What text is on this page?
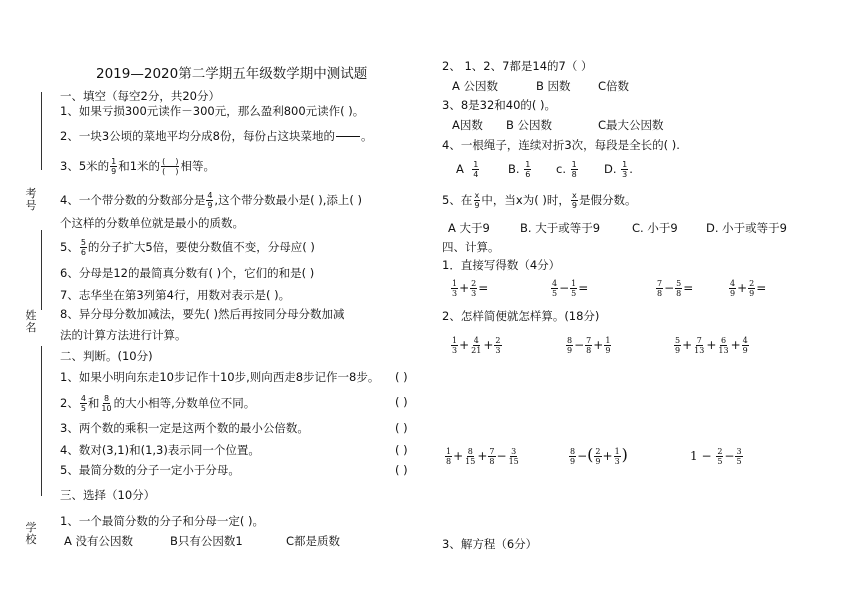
2019—2020第二学期五年级数学期中测试题
考号
姓名
学校
一、填空（每空2分，共20分）
1、如果亏损300元读作－300元，那么盈利800元读作( )。
2、一块3公顷的菜地平均分成8份，每份占这块菜地的 。
3、5米的 $\frac{1}{9}$ 和1米的 $\frac{( )}{( )}$ 相等。
4、一个带分数的分数部分是 $\frac{4}{9}$ ,这个带分数最小是( ),添上( )
个这样的分数单位就是最小的质数。
5、 $\frac{5}{6}$ 的分子扩大5倍，要使分数值不变，分母应( )
6、分母是12的最简真分数有( )个，它们的和是( )
7、志华坐在第3列第4行，用数对表示是( )。
8、异分母分数加减法，要先( )然后再按同分母分数加减
法的计算方法进行计算。
二、判断。(10分)
1、如果小明向东走10步记作十10步,则向西走8步记作一8步。 ( )
2、 $\frac{4}{5}$ 和 $\frac{8}{10}$ 的大小相等,分数单位不同。	( )
3、两个数的乘积一定是这两个数的最小公倍数。	( )
4、数对(3,1)和(1,3)表示同一个位置。	( )
5、最简分数的分子一定小于分母。	( )
三、选择（10分）
1、一个最简分数的分子和分母一定( )。
A 没有公因数	B只有公因数1	C都是质数
2、 1、2、7都是14的7（ ）
A 公因数	B 因数 C倍数
3、8是32和40的( )。
A因数 B 公因数	C最大公因数
4、一根绳子，连续对折3次，每段是全长的( ).
A $\frac{1}{4} B$. $\frac{1}{6} c$. $\frac{1}{8} D$. $\frac{1}{3}$ .
5、在 $\frac{x}{9}$ 中，当x为( )时， $\frac{x}{9}$ 是假分数。
A 大于9	B. 大于或等于9	C. 小于9 D. 小于或等于9
四、计算。
1．直接写得数（4分）
$\frac{1}{3} + \frac{2}{3}$ =	$\frac{4}{5} - \frac{1}{5}$ =	$\frac{7}{8} - \frac{5}{8}$ =	$\frac{4}{9} + \frac{2}{9}$ =
2、怎样简便就怎样算。(18分)
$\frac{1}{3} + \frac{4}{21} + \frac{2}{3}$	$\frac{8}{9} - \frac{7}{8} + \frac{1}{9}$	$\frac{5}{9} + \frac{7}{13} + \frac{6}{13} + \frac{4}{9}$
$\frac{1}{8} + \frac{8}{15} + \frac{7}{8} - \frac{3}{15}$	$\frac{8}{9}$ −( $\frac{2}{9} + \frac{1}{3}$ )	$1 - \frac{2}{5} - \frac{3}{5}$
3、解方程（6分）
